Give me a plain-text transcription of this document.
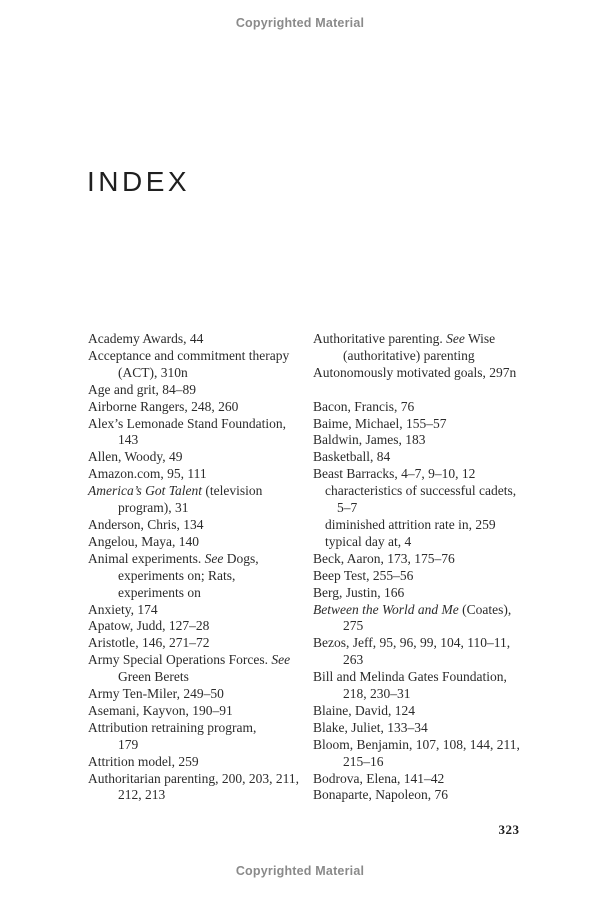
Copyrighted Material
INDEX
Academy Awards, 44
Acceptance and commitment therapy
(ACT), 310n
Age and grit, 84–89
Airborne Rangers, 248, 260
Alex’s Lemonade Stand Foundation,
143
Allen, Woody, 49
Amazon.com, 95, 111
America’s Got Talent (television
program), 31
Anderson, Chris, 134
Angelou, Maya, 140
Animal experiments. See Dogs,
experiments on; Rats,
experiments on
Anxiety, 174
Apatow, Judd, 127–28
Aristotle, 146, 271–72
Army Special Operations Forces. See
Green Berets
Army Ten-Miler, 249–50
Asemani, Kayvon, 190–91
Attribution retraining program,
179
Attrition model, 259
Authoritarian parenting, 200, 203, 211,
212, 213
Authoritative parenting. See Wise
(authoritative) parenting
Autonomously motivated goals, 297n

Bacon, Francis, 76
Baime, Michael, 155–57
Baldwin, James, 183
Basketball, 84
Beast Barracks, 4–7, 9–10, 12
characteristics of successful cadets,
5–7
diminished attrition rate in, 259
typical day at, 4
Beck, Aaron, 173, 175–76
Beep Test, 255–56
Berg, Justin, 166
Between the World and Me (Coates),
275
Bezos, Jeff, 95, 96, 99, 104, 110–11,
263
Bill and Melinda Gates Foundation,
218, 230–31
Blaine, David, 124
Blake, Juliet, 133–34
Bloom, Benjamin, 107, 108, 144, 211,
215–16
Bodrova, Elena, 141–42
Bonaparte, Napoleon, 76
323
Copyrighted Material
